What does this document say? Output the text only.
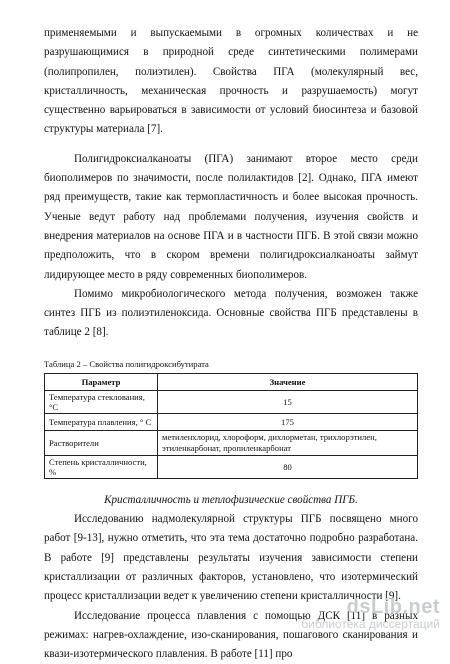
применяемыми и выпускаемыми в огромных количествах и не разрушающимися в природной среде синтетическими полимерами (полипропилен, полиэтилен). Свойства ПГА (молекулярный вес, кристалличность, механическая прочность и разрушаемость) могут существенно варьироваться в зависимости от условий биосинтеза и базовой структуры материала [7].

Полигидроксиалканоаты (ПГА) занимают второе место среди биополимеров по значимости, после полилактидов [2]. Однако, ПГА имеют ряд преимуществ, такие как термопластичность и более высокая прочность. Ученые ведут работу над проблемами получения, изучения свойств и внедрения материалов на основе ПГА и в частности ПГБ. В этой связи можно предположить, что в скором времени полигидроксиалканоаты займут лидирующее место в ряду современных биополимеров.

Помимо микробиологического метода получения, возможен также синтез ПГБ из полиэтиленоксида. Основные свойства ПГБ представлены в таблице 2 [8].

Таблица 2 – Свойства полигидроксибутирата
Параметр	Значение
Температура стеклования, °С	15
Температура плавления, ° С	175
Растворители	метиленхлорид, хлороформ, дихлорметан, трихлорэтилен, этиленкарбонат, пропиленкарбонат
Степень кристалличности, %	80
Кристалличность и теплофизические свойства ПГБ.

Исследованию надмолекулярной структуры ПГБ посвящено много работ [9-13], нужно отметить, что эта тема достаточно подробно разработана. В работе [9] представлены результаты изучения зависимости степени кристаллизации от различных факторов, установлено, что изотермический процесс кристаллизации ведет к увеличению степени кристалличности [9].

Исследование процесса плавления с помощью ДСК [11] в разных режимах: нагрев-охлаждение, изо-сканирования, пошагового сканирования и квази-изотермического плавления. В работе [11] про

dsLib.net
библиотека диссертаций
